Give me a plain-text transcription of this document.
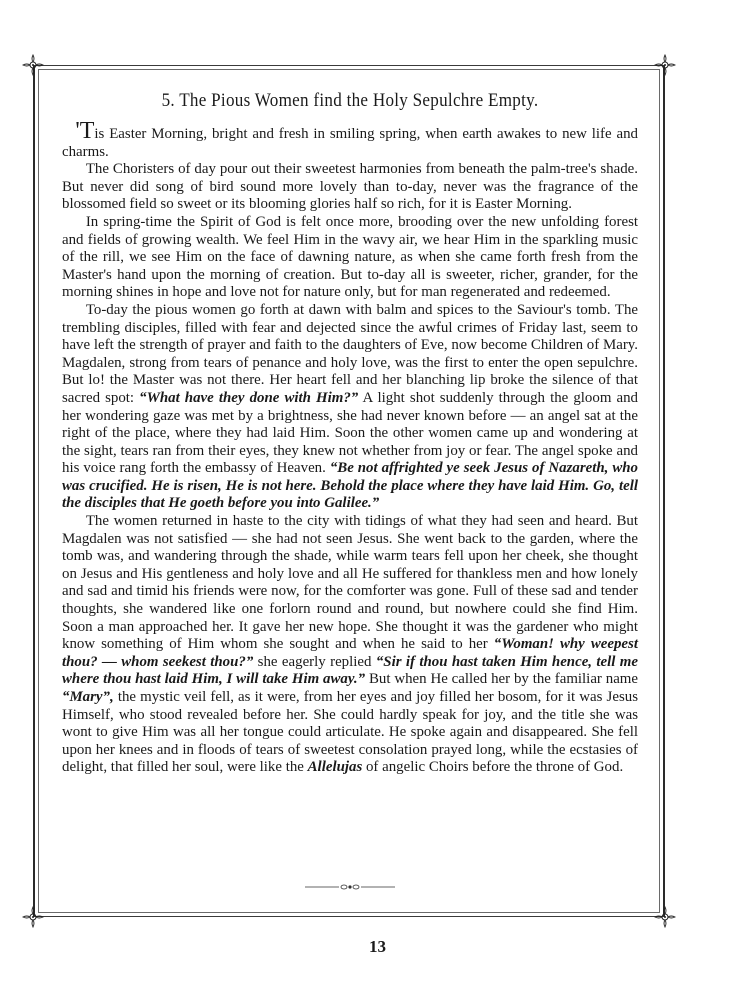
5. The Pious Women find the Holy Sepulchre Empty.

'Tis Easter Morning, bright and fresh in smiling spring, when earth awakes to new life and charms.

The Choristers of day pour out their sweetest harmonies from beneath the palm-tree's shade. But never did song of bird sound more lovely than to-day, never was the fragrance of the blossomed field so sweet or its blooming glories half so rich, for it is Easter Morning.

In spring-time the Spirit of God is felt once more, brooding over the new unfolding forest and fields of growing wealth. We feel Him in the wavy air, we hear Him in the sparkling music of the rill, we see Him on the face of dawning nature, as when she came forth fresh from the Master's hand upon the morning of creation. But to-day all is sweeter, richer, grander, for the morning shines in hope and love not for nature only, but for man regenerated and redeemed.

To-day the pious women go forth at dawn with balm and spices to the Saviour's tomb. The trembling disciples, filled with fear and dejected since the awful crimes of Friday last, seem to have left the strength of prayer and faith to the daughters of Eve, now become Children of Mary. Magdalen, strong from tears of penance and holy love, was the first to enter the open sepulchre. But lo! the Master was not there. Her heart fell and her blanching lip broke the silence of that sacred spot: “What have they done with Him?” A light shot suddenly through the gloom and her wondering gaze was met by a brightness, she had never known before — an angel sat at the right of the place, where they had laid Him. Soon the other women came up and wondering at the sight, tears ran from their eyes, they knew not whether from joy or fear. The angel spoke and his voice rang forth the embassy of Heaven. “Be not affrighted ye seek Jesus of Nazareth, who was crucified. He is risen, He is not here. Behold the place where they have laid Him. Go, tell the disciples that He goeth before you into Galilee.”

The women returned in haste to the city with tidings of what they had seen and heard. But Magdalen was not satisfied — she had not seen Jesus. She went back to the garden, where the tomb was, and wandering through the shade, while warm tears fell upon her cheek, she thought on Jesus and His gentleness and holy love and all He suffered for thankless men and how lonely and sad and timid his friends were now, for the comforter was gone. Full of these sad and tender thoughts, she wandered like one forlorn round and round, but nowhere could she find Him. Soon a man approached her. It gave her new hope. She thought it was the gardener who might know something of Him whom she sought and when he said to her “Woman! why weepest thou? — whom seekest thou?” she eagerly replied “Sir if thou hast taken Him hence, tell me where thou hast laid Him, I will take Him away.” But when He called her by the familiar name “Mary”, the mystic veil fell, as it were, from her eyes and joy filled her bosom, for it was Jesus Himself, who stood revealed before her. She could hardly speak for joy, and the title she was wont to give Him was all her tongue could articulate. He spoke again and disappeared. She fell upon her knees and in floods of tears of sweetest consolation prayed long, while the ecstasies of delight, that filled her soul, were like the Allelujas of angelic Choirs before the throne of God.

13
